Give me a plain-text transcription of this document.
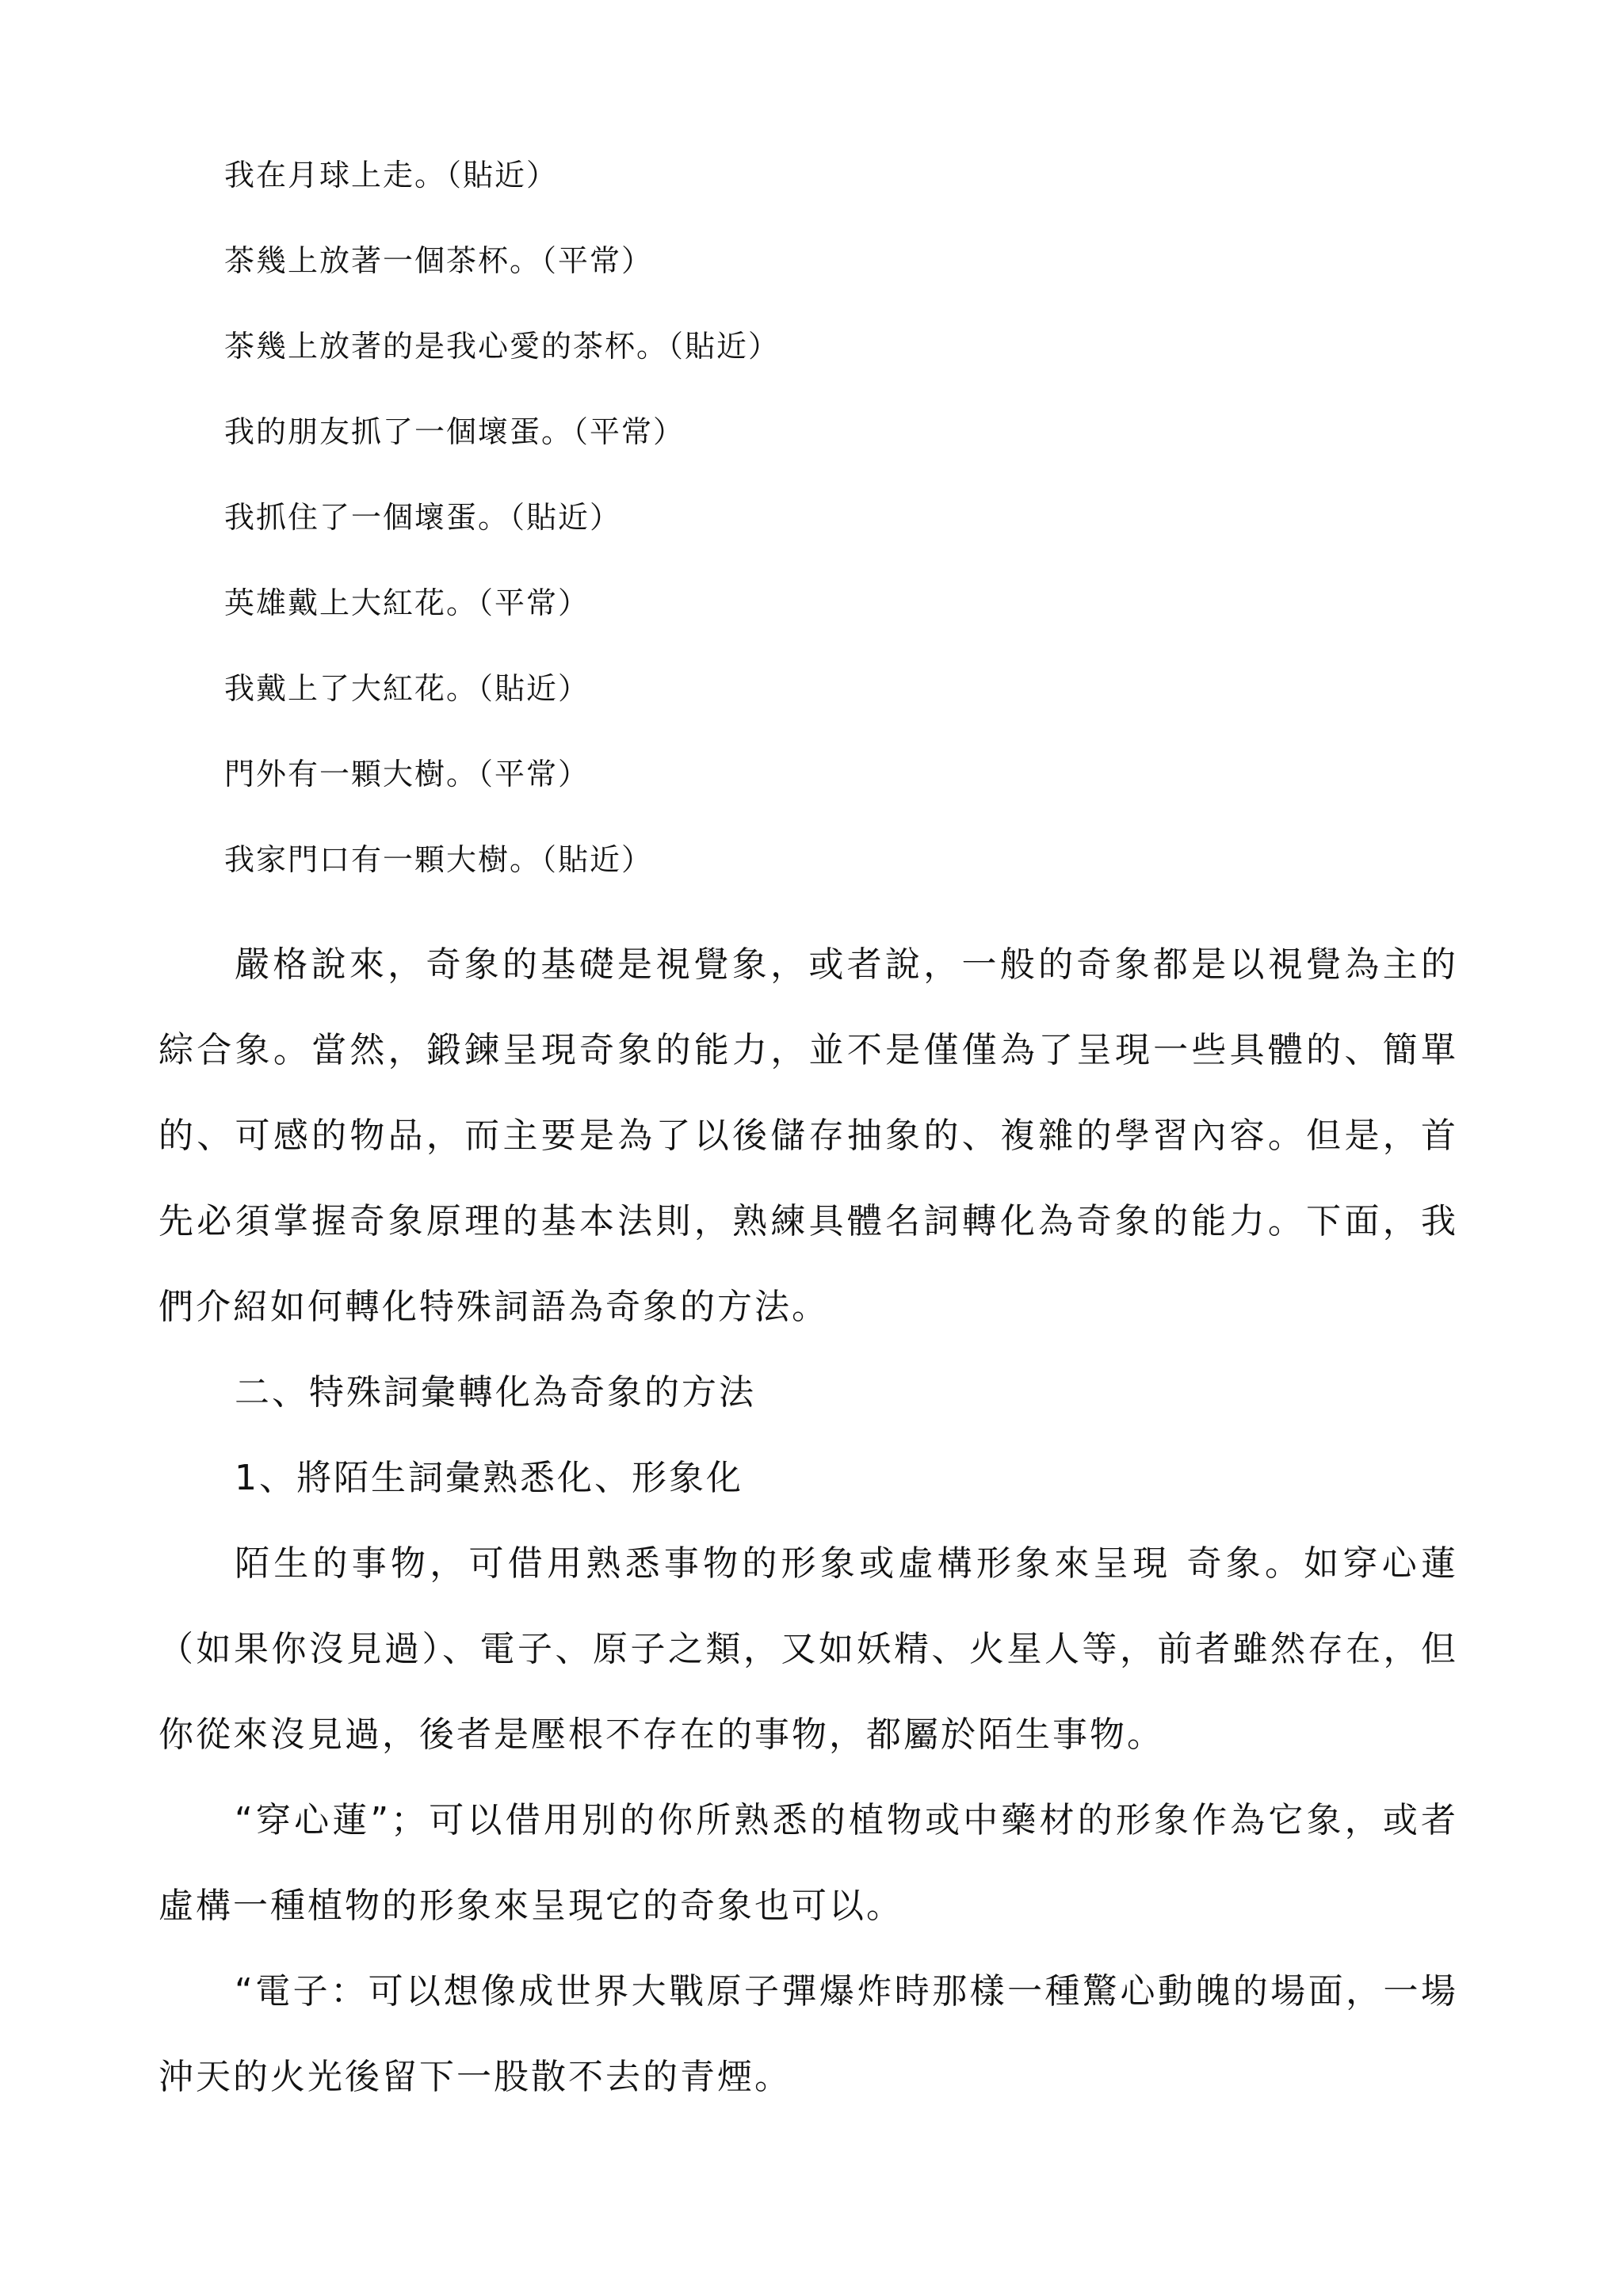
我在月球上走。（貼近）
茶幾上放著一個茶杯。（平常）
茶幾上放著的是我心愛的茶杯。（貼近）
我的朋友抓了一個壞蛋。（平常）
我抓住了一個壞蛋。（貼近）
英雄戴上大紅花。（平常）
我戴上了大紅花。（貼近）
門外有一顆大樹。（平常）
我家門口有一顆大樹。（貼近）

嚴格說來，奇象的基礎是視覺象，或者說，一般的奇象都是以視覺為主的綜合象。當然，鍛鍊呈現奇象的能力，並不是僅僅為了呈現一些具體的、簡單的、可感的物品，而主要是為了以後儲存抽象的、複雜的學習內容。但是，首先必須掌握奇象原理的基本法則，熟練具體名詞轉化為奇象的能力。下面，我們介紹如何轉化特殊詞語為奇象的方法。

二、特殊詞彙轉化為奇象的方法

1、將陌生詞彙熟悉化、形象化

陌生的事物，可借用熟悉事物的形象或虛構形象來呈現 奇象。如穿心蓮（如果你沒見過）、電子、原子之類，又如妖精、火星人等，前者雖然存在，但你從來沒見過，後者是壓根不存在的事物，都屬於陌生事物。

“穿心蓮”；可以借用別的你所熟悉的植物或中藥材的形象作為它象，或者虛構一種植物的形象來呈現它的奇象也可以。

“電子：可以想像成世界大戰原子彈爆炸時那樣一種驚心動魄的場面，一場沖天的火光後留下一股散不去的青煙。
